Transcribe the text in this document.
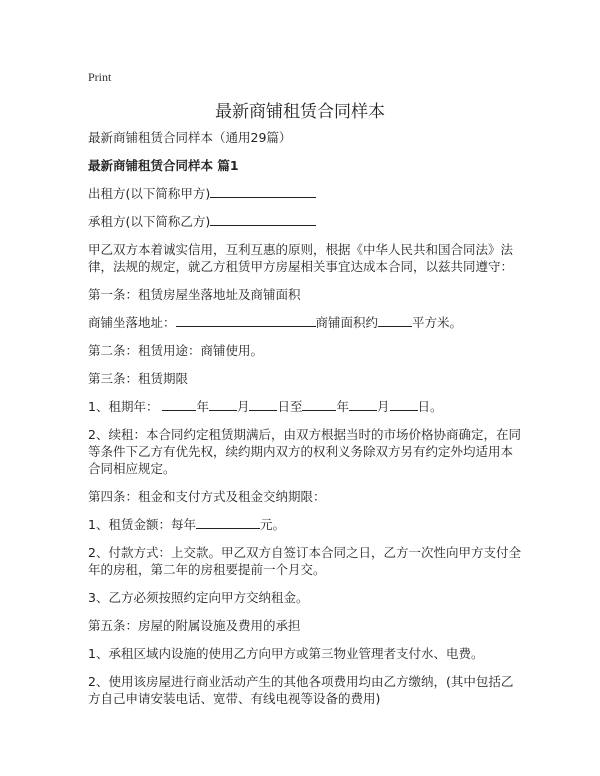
Print
最新商铺租赁合同样本

最新商铺租赁合同样本（通用29篇）

最新商铺租赁合同样本 篇1

出租方(以下简称甲方)

承租方(以下简称乙方)

甲乙双方本着诚实信用，互利互惠的原则，根据《中华人民共和国合同法》法律，法规的规定，就乙方租赁甲方房屋相关事宜达成本合同，以兹共同遵守：

第一条：租赁房屋坐落地址及商铺面积

商铺坐落地址：	商铺面积约	平方米。

第二条：租赁用途：商铺使用。

第三条：租赁期限

1、租期年：	年 月 日至	年 月 日。

2、续租：本合同约定租赁期满后，由双方根据当时的市场价格协商确定，在同等条件下乙方有优先权，续约期内双方的权利义务除双方另有约定外均适用本合同相应规定。

第四条：租金和支付方式及租金交纳期限：

1、租赁金额：每年	元。

2、付款方式：上交款。甲乙双方自签订本合同之日，乙方一次性向甲方支付全年的房租，第二年的房租要提前一个月交。

3、乙方必须按照约定向甲方交纳租金。

第五条：房屋的附属设施及费用的承担

1、承租区域内设施的使用乙方向甲方或第三物业管理者支付水、电费。

2、使用该房屋进行商业活动产生的其他各项费用均由乙方缴纳，(其中包括乙方自己申请安装电话、宽带、有线电视等设备的费用)
